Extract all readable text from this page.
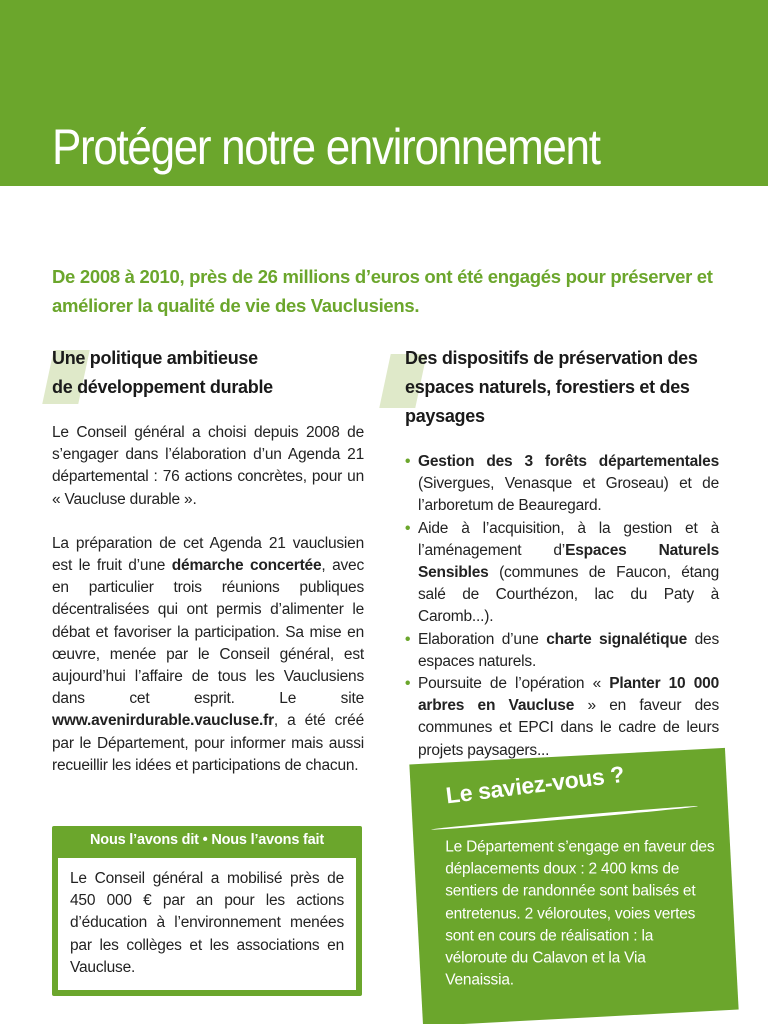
Protéger notre environnement

De 2008 à 2010, près de 26 millions d’euros ont été engagés pour préserver et améliorer la qualité de vie des Vauclusiens.

Une politique ambitieuse
de développement durable

Le Conseil général a choisi depuis 2008 de s’engager dans l’élaboration d’un Agenda 21 départemental : 76 actions concrètes, pour un « Vaucluse durable ».

La préparation de cet Agenda 21 vauclusien est le fruit d’une démarche concertée, avec en particulier trois réunions publiques décentralisées qui ont permis d’alimenter le débat et favoriser la participation. Sa mise en œuvre, menée par le Conseil général, est aujourd’hui l’affaire de tous les Vauclusiens dans cet esprit. Le site www.avenirdurable.vaucluse.fr, a été créé par le Département, pour informer mais aussi recueillir les idées et participations de chacun.

Nous l’avons dit • Nous l’avons fait
Le Conseil général a mobilisé près de 450 000 € par an pour les actions d’éducation à l’environnement menées par les collèges et les associations en Vaucluse.
Des dispositifs de préservation des espaces naturels, forestiers et des paysages
• Gestion des 3 forêts départementales (Sivergues, Venasque et Groseau) et de l’arboretum de Beauregard.
• Aide à l’acquisition, à la gestion et à l’aménagement d’Espaces Naturels Sensibles (communes de Faucon, étang salé de Courthézon, lac du Paty à Caromb...).
• Elaboration d’une charte signalétique des espaces naturels.
• Poursuite de l’opération « Planter 10 000 arbres en Vaucluse » en faveur des communes et EPCI dans le cadre de leurs projets paysagers...
Le saviez-vous ?
Le Département s’engage en faveur des déplacements doux : 2 400 kms de sentiers de randonnée sont balisés et entretenus. 2 véloroutes, voies vertes sont en cours de réalisation : la véloroute du Calavon et la Via Venaissia.
